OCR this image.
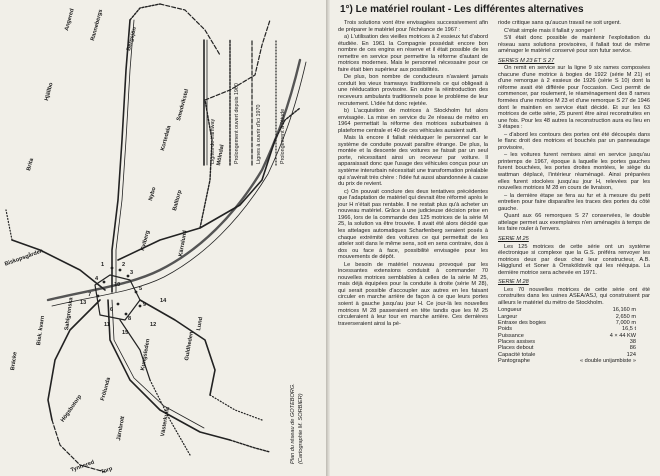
1	2
3
4
5
6
7
8
9
10
11	12
13	14
15
Hjällbo
Angered	Rannebergs	Bergsjön
Kortedala
Smedvikstel
Brita
Bräcke
Bisk. kvarn
Biskopsgården
Sahlgrenska
Kviberg
Nybo	Balltorp
Mölndal
Högsbotorp
Frölunda
Torp
Västerkulla
Guldheden
Lund
Kungsleden
Järnbrott
Tynnered
Kärralund
Lignes de tramway	Prolongement ouvert depuis 1960	Lignes à ouvrir d'ici 1970	Prolongement à l'étude
Plan du réseau de GOTEBORG. (Cartographie M. SORBIER)
1°) Le matériel roulant - Les différentes alternatives

Trois solutions vont être envisagées successivement afin de préparer le matériel pour l'échéance de 1967 :

a) L'utilisation des vieilles motrices à 2 essieux fut d'abord étudiée. En 1961 la Compagnie possédait encore bon nombre de ces engins en réserve et il était possible de les remettre en service pour permettre la réforme d'autant de motrices modernes. Mais le personnel nécessaire pour ce faire était bien supérieur aux possibilités.

De plus, bon nombre de conducteurs n'avaient jamais conduit les vieux tramways traditionnels ce qui obligeait à une rééducation provisoire. En outre la réintroduction des receveurs ambulants traditionnels pose le problème de leur recrutement. L'idée fut donc rejetée.

b) L'acquisition de motrices à Stockholm fut alors envisagée. La mise en service du 2e réseau de métro en 1964 permettait la réforme des motrices suburbaines à plateforme centrale et 40 de ces véhicules auraient suffi.

Mais là encore il fallait rééduquer le personnel car le système de conduite pouvait paraître étrange. De plus, la montée et la descente des voitures se faisait par un seul porte, nécessitant ainsi un receveur par voiture. Il apparaissait donc que l'usage des véhicules conçus pour un système interurbain nécessitait une transformation préalable qui s'avérait très chère : l'idée fut aussi abandonnée à cause du prix de revient.

c) On pouvait conclure des deux tentatives précédentes que l'adaptation de matériel qui devrait être réformé après le jour H n'était pas rentable. Il ne restait plus qu'à acheter un nouveau matériel. Grâce à une judicieuse décision prise en 1966, lors de la commande des 125 motrices de la série M 25, la solution va être trouvée. Il avait été alors décidé que les attelages automatiques Scharfenberg seraient posés à chaque extrémité des voitures ce qui permettait de les atteler soit dans le même sens, soit en sens contraire, dos à dos ou face à face, possibilité envisagée pour les mouvements de dépôt.

Le besoin de matériel nouveau provoqué par les incessantes extensions conduisit à commander 70 nouvelles motrices semblables à celles de la série M 25, mais déjà équipées pour la conduite à droite (série M 28), qui serait possible d'accoupler aux autres en les faisant circuler en marche arrière de façon à ce que leurs portes soient à gauche jusqu'au jour H. Ce jour-là les nouvelles motrices M 28 passeraient en tête tandis que les M 25 circuleraient à leur tour en marche arrière. Ces dernières traverseraient ainsi la pé-

riode critique sans qu'aucun travail ne soit urgent.

C'était simple mais il fallait y songer !

S'il était donc possible de maintenir l'exploitation du réseau sans solutions provisoires, il fallait tout de même aménager le matériel conservé pour son futur service.

SERIES M 23 ET S 27

On remit en service sur la ligne 9 six rames composées chacune d'une motrice à bogies de 1922 (série M 21) et d'une remorque à 2 essieux de 1926 (série S 10) dont la réforme avait été différée pour l'occasion. Ceci permit de commencer, par roulement, le réaménagement des 8 rames formées d'une motrice M 23 et d'une remorque S 27 de 1946 dont le maintien en service était décidé. Et sur les 63 motrices de cette série, 25 purent être ainsi reconstruites en une fois. Pour les 48 autres la reconstruction aura eu lieu en 3 étapes :

– d'abord les contours des portes ont été découpés dans le flanc droit des motrices et bouchés par un panneautage provisoire,

– les voitures furent remises ainsi en service jusqu'au printemps de 1967, époque à laquelle les portes gauches furent bouchées, les portes droites montées, le siège du wattman déplacé, l'intérieur réaménagé. Ainsi préparées elles furent stockées jusqu'au jour H, relevées par les nouvelles motrices M 28 en cours de livraison,

– la dernière étape se fera au fur et à mesure du petit entretien pour faire disparaître les traces des portes du côté gauche.

Quant aux 66 remorques S 27 conservées, le double attelage permet aux exemplaires n'en aménagés à temps de les faire rouler à l'envers.

SERIE M 25

Les 125 motrices de cette série ont un système électronique si complexe que la G.S. préféra renvoyer les motrices deux par deux chez leur constructeur, A.B. Hägglund et Soner à Örnsköldsvik qui les rééquipa. La dernière motrice sera achevée en 1971.

SERIE M 28

Les 70 nouvelles motrices de cette série ont été construites dans les usines ASEA/ASJ, qui construisent par ailleurs le matériel du métro de Stockholm.

Longueur	16,160 m
Largeur	2,650 m
Entraxe des bogies	7,000 m
Poids	16,5 t
Puissance	4 × 44 KW
Places assises	38
Places debout	86
Capacité totale	124
Pantographe	« double unijambiste »
